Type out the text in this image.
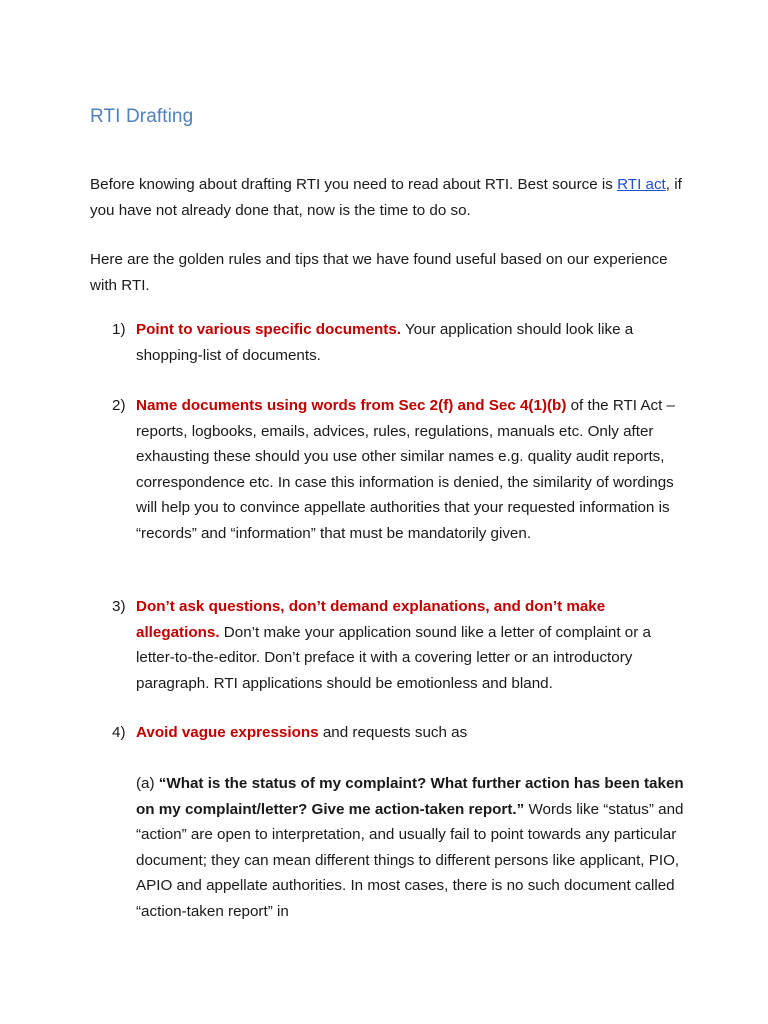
RTI Drafting
Before knowing about drafting RTI you need to read about RTI. Best source is RTI act, if you have not already done that, now is the time to do so.
Here are the golden rules and tips that we have found useful based on our experience with RTI.
1) Point to various specific documents. Your application should look like a shopping-list of documents.
2) Name documents using words from Sec 2(f) and Sec 4(1)(b) of the RTI Act – reports, logbooks, emails, advices, rules, regulations, manuals etc. Only after exhausting these should you use other similar names e.g. quality audit reports, correspondence etc. In case this information is denied, the similarity of wordings will help you to convince appellate authorities that your requested information is “records” and “information” that must be mandatorily given.
3) Don’t ask questions, don’t demand explanations, and don’t make allegations. Don’t make your application sound like a letter of complaint or a letter-to-the-editor. Don’t preface it with a covering letter or an introductory paragraph. RTI applications should be emotionless and bland.
4) Avoid vague expressions and requests such as
(a) “What is the status of my complaint? What further action has been taken on my complaint/letter? Give me action-taken report.” Words like “status” and “action” are open to interpretation, and usually fail to point towards any particular document; they can mean different things to different persons like applicant, PIO, APIO and appellate authorities. In most cases, there is no such document called “action-taken report” in
